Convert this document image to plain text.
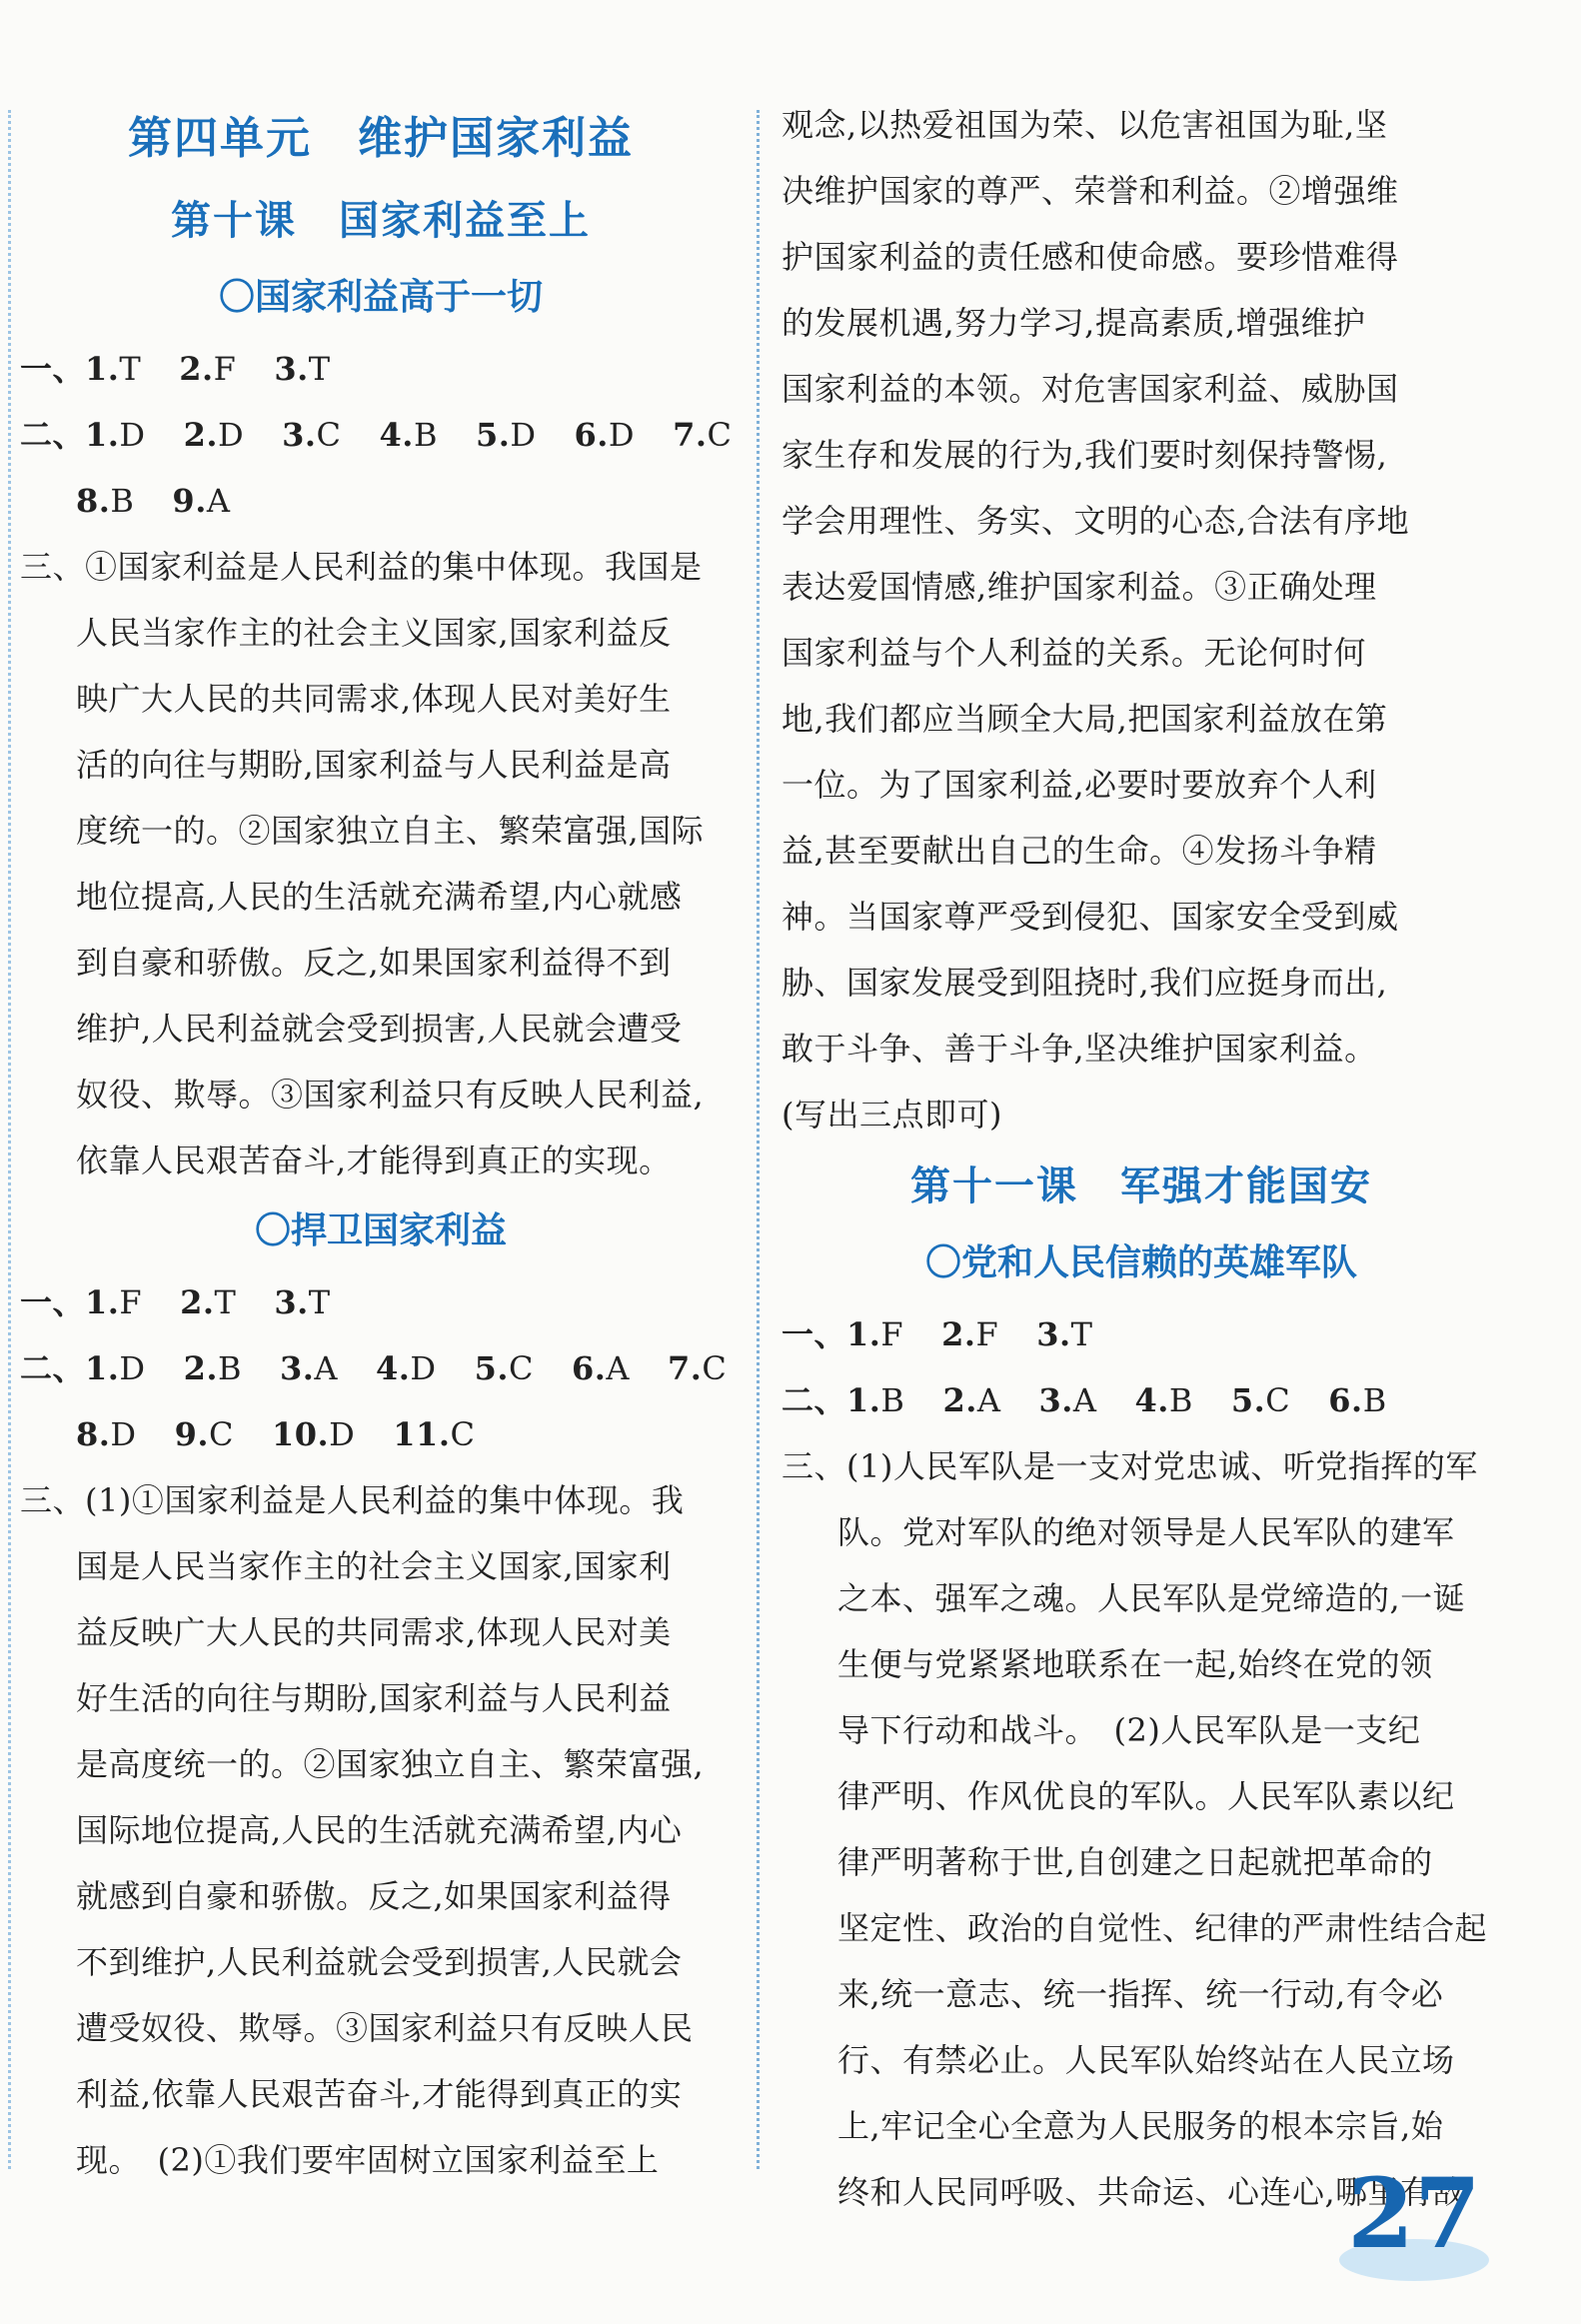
第四单元　维护国家利益
第十课　国家利益至上
〇国家利益高于一切
一、1.T 2.F 3.T
二、1.D 2.D 3.C 4.B 5.D 6.D 7.C
8.B 9.A
三、①国家利益是人民利益的集中体现。我国是
人民当家作主的社会主义国家,国家利益反
映广大人民的共同需求,体现人民对美好生
活的向往与期盼,国家利益与人民利益是高
度统一的。②国家独立自主、繁荣富强,国际
地位提高,人民的生活就充满希望,内心就感
到自豪和骄傲。反之,如果国家利益得不到
维护,人民利益就会受到损害,人民就会遭受
奴役、欺辱。③国家利益只有反映人民利益,
依靠人民艰苦奋斗,才能得到真正的实现。
〇捍卫国家利益
一、1.F 2.T 3.T
二、1.D 2.B 3.A 4.D 5.C 6.A 7.C
8.D 9.C 10.D 11.C
三、(1)①国家利益是人民利益的集中体现。我
国是人民当家作主的社会主义国家,国家利
益反映广大人民的共同需求,体现人民对美
好生活的向往与期盼,国家利益与人民利益
是高度统一的。②国家独立自主、繁荣富强,
国际地位提高,人民的生活就充满希望,内心
就感到自豪和骄傲。反之,如果国家利益得
不到维护,人民利益就会受到损害,人民就会
遭受奴役、欺辱。③国家利益只有反映人民
利益,依靠人民艰苦奋斗,才能得到真正的实
现。　(2)①我们要牢固树立国家利益至上
观念,以热爱祖国为荣、以危害祖国为耻,坚
决维护国家的尊严、荣誉和利益。②增强维
护国家利益的责任感和使命感。要珍惜难得
的发展机遇,努力学习,提高素质,增强维护
国家利益的本领。对危害国家利益、威胁国
家生存和发展的行为,我们要时刻保持警惕,
学会用理性、务实、文明的心态,合法有序地
表达爱国情感,维护国家利益。③正确处理
国家利益与个人利益的关系。无论何时何
地,我们都应当顾全大局,把国家利益放在第
一位。为了国家利益,必要时要放弃个人利
益,甚至要献出自己的生命。④发扬斗争精
神。当国家尊严受到侵犯、国家安全受到威
胁、国家发展受到阻挠时,我们应挺身而出,
敢于斗争、善于斗争,坚决维护国家利益。
(写出三点即可)
第十一课　军强才能国安
〇党和人民信赖的英雄军队
一、1.F 2.F 3.T
二、1.B 2.A 3.A 4.B 5.C 6.B
三、(1)人民军队是一支对党忠诚、听党指挥的军
队。党对军队的绝对领导是人民军队的建军
之本、强军之魂。人民军队是党缔造的,一诞
生便与党紧紧地联系在一起,始终在党的领
导下行动和战斗。　(2)人民军队是一支纪
律严明、作风优良的军队。人民军队素以纪
律严明著称于世,自创建之日起就把革命的
坚定性、政治的自觉性、纪律的严肃性结合起
来,统一意志、统一指挥、统一行动,有令必
行、有禁必止。人民军队始终站在人民立场
上,牢记全心全意为人民服务的根本宗旨,始
终和人民同呼吸、共命运、心连心,哪里有敌
27
